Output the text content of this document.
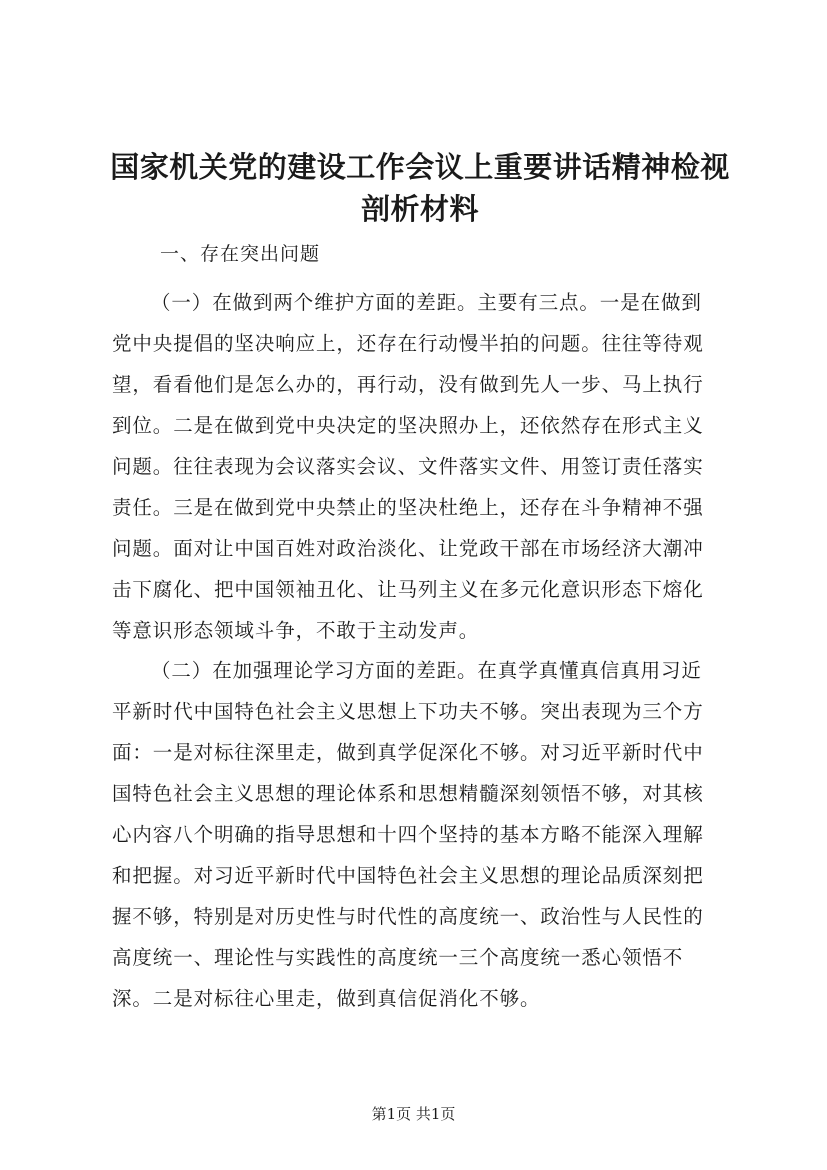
国家机关党的建设工作会议上重要讲话精神检视剖析材料

一、存在突出问题

（一）在做到两个维护方面的差距。主要有三点。一是在做到党中央提倡的坚决响应上，还存在行动慢半拍的问题。往往等待观望，看看他们是怎么办的，再行动，没有做到先人一步、马上执行到位。二是在做到党中央决定的坚决照办上，还依然存在形式主义问题。往往表现为会议落实会议、文件落实文件、用签订责任落实责任。三是在做到党中央禁止的坚决杜绝上，还存在斗争精神不强问题。面对让中国百姓对政治淡化、让党政干部在市场经济大潮冲击下腐化、把中国领袖丑化、让马列主义在多元化意识形态下熔化等意识形态领域斗争，不敢于主动发声。

（二）在加强理论学习方面的差距。在真学真懂真信真用习近平新时代中国特色社会主义思想上下功夫不够。突出表现为三个方面：一是对标往深里走，做到真学促深化不够。对习近平新时代中国特色社会主义思想的理论体系和思想精髓深刻领悟不够，对其核心内容八个明确的指导思想和十四个坚持的基本方略不能深入理解和把握。对习近平新时代中国特色社会主义思想的理论品质深刻把握不够，特别是对历史性与时代性的高度统一、政治性与人民性的高度统一、理论性与实践性的高度统一三个高度统一悉心领悟不深。二是对标往心里走，做到真信促消化不够。

第1页 共1页
